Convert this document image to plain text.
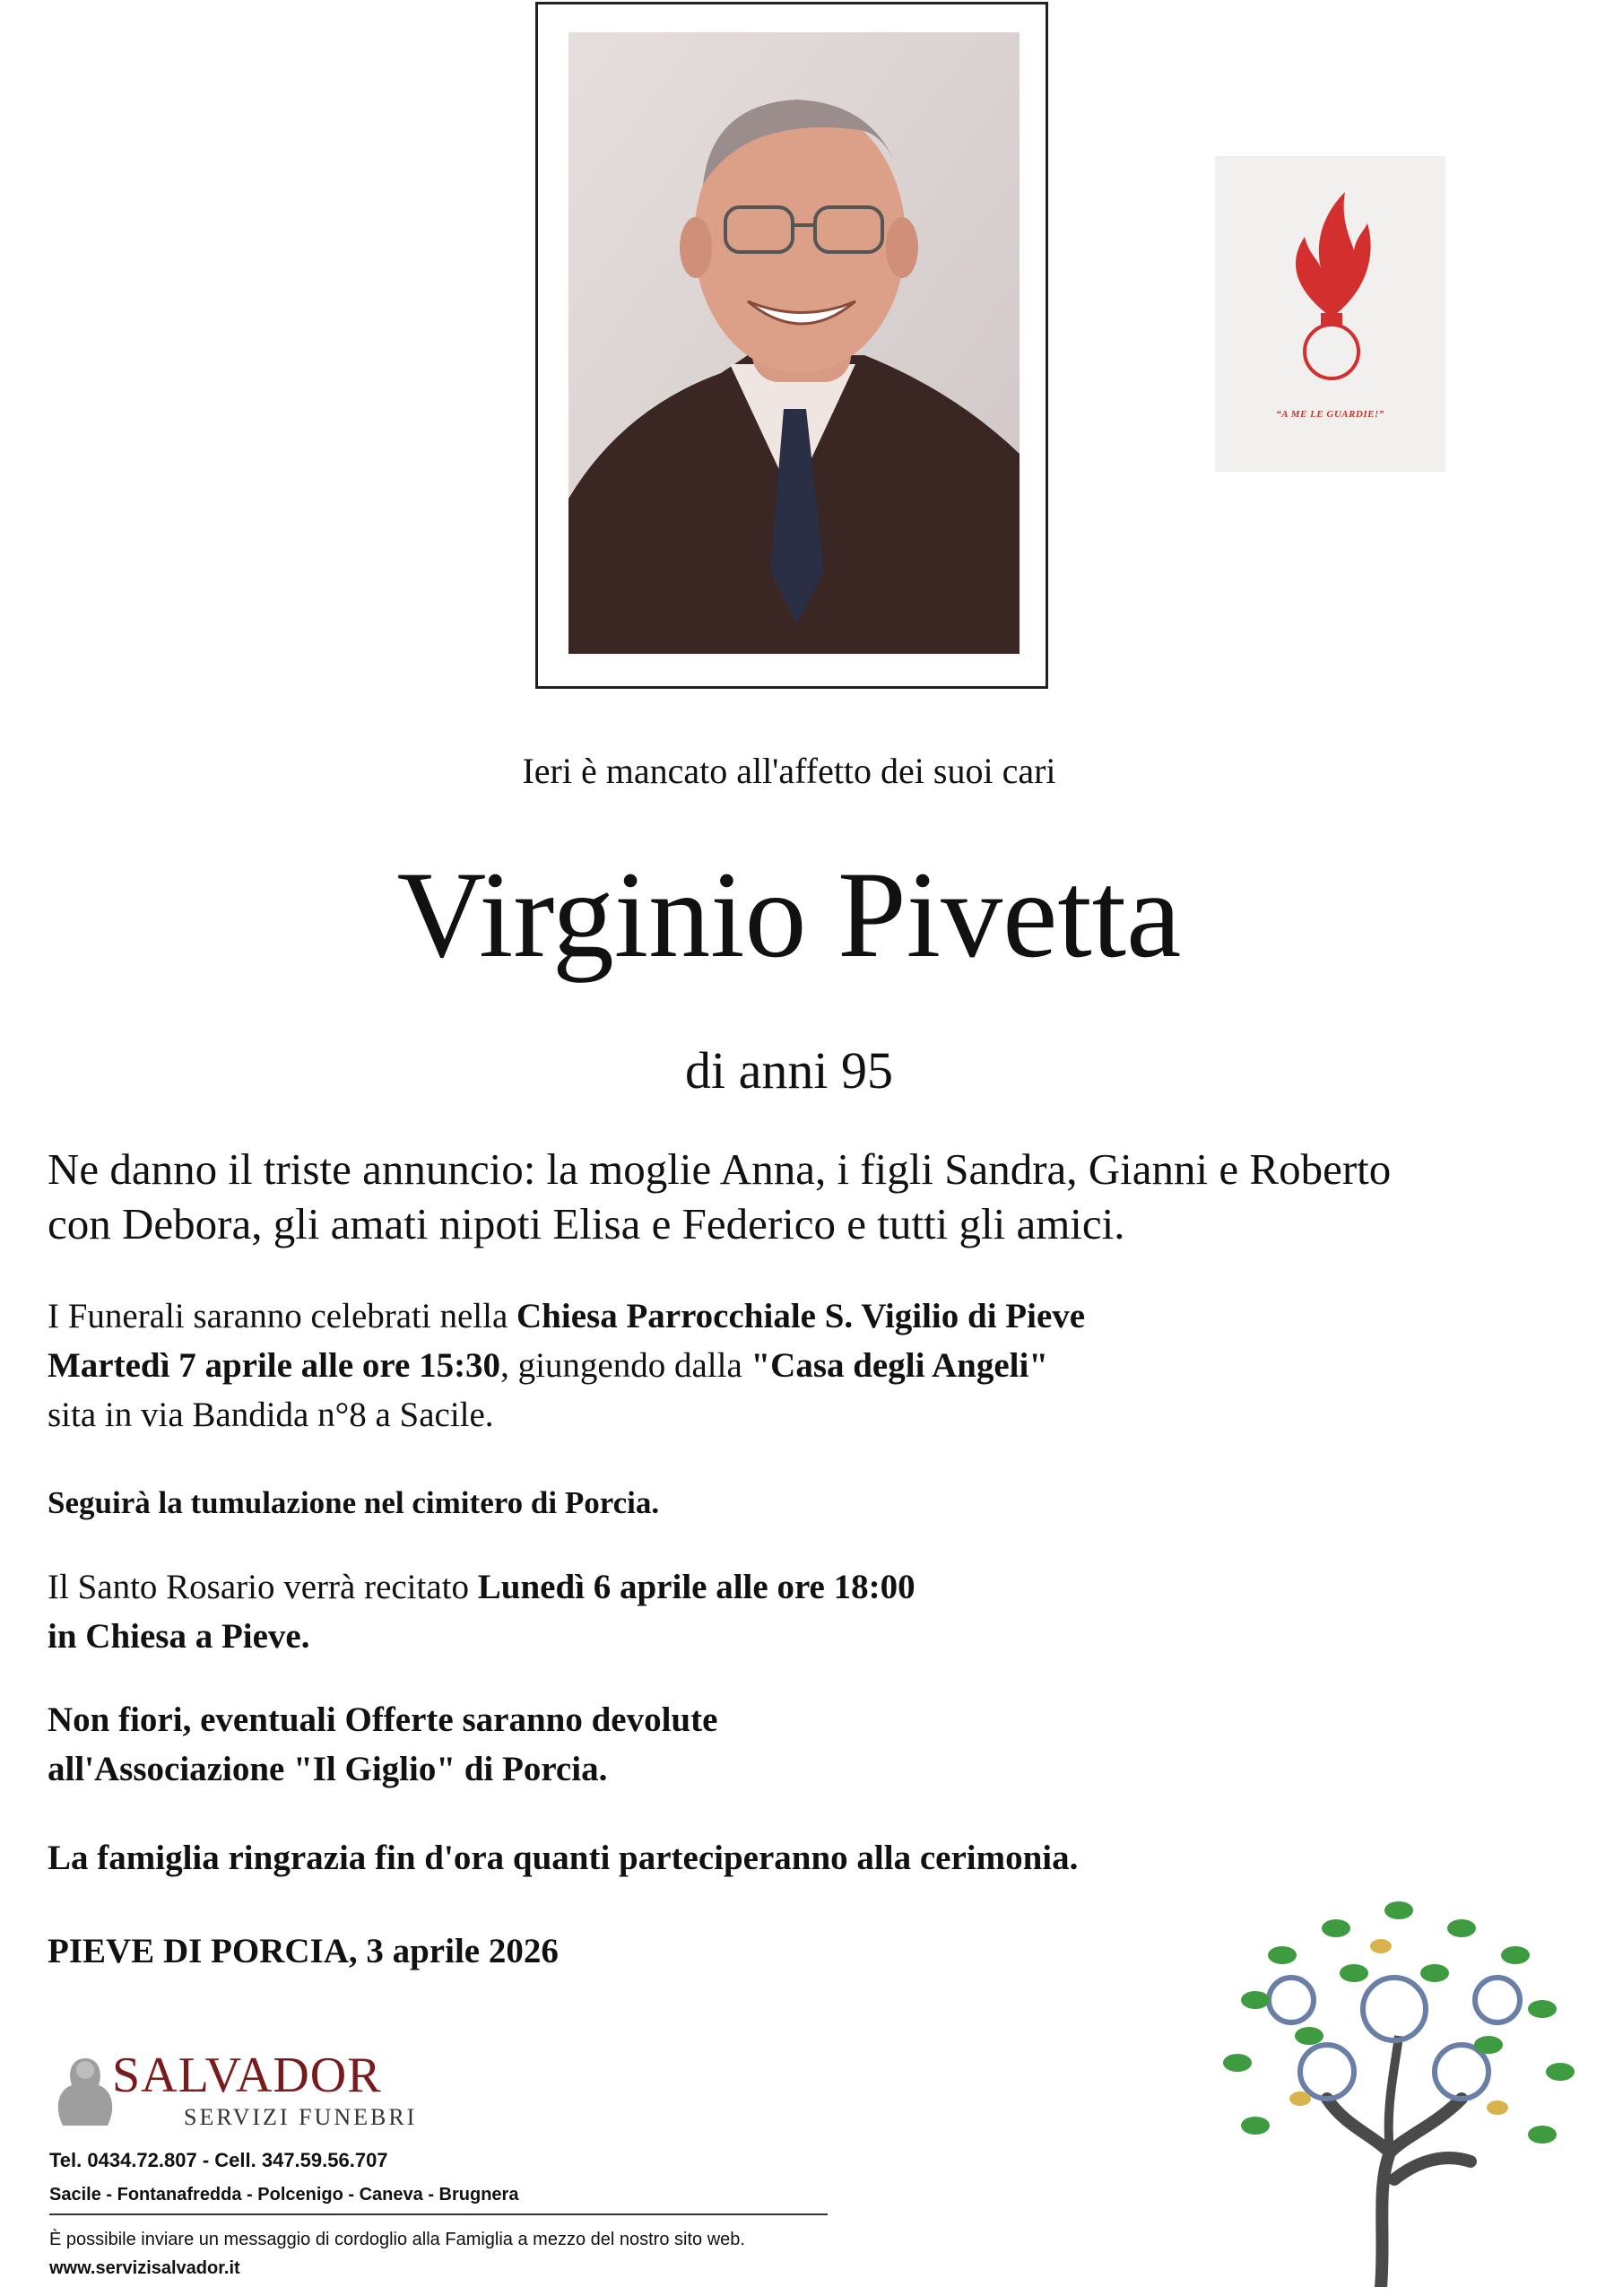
“A ME LE GUARDIE!”
Ieri è mancato all'affetto dei suoi cari
Virginio Pivetta
di anni 95
Ne danno il triste annuncio: la moglie Anna, i figli Sandra, Gianni e Roberto con Debora, gli amati nipoti Elisa e Federico e tutti gli amici.
I Funerali saranno celebrati nella Chiesa Parrocchiale S. Vigilio di Pieve
Martedì 7 aprile alle ore 15:30, giungendo dalla "Casa degli Angeli"
sita in via Bandida n°8 a Sacile.
Seguirà la tumulazione nel cimitero di Porcia.
Il Santo Rosario verrà recitato Lunedì 6 aprile alle ore 18:00
in Chiesa a Pieve.
Non fiori, eventuali Offerte saranno devolute
all'Associazione "Il Giglio" di Porcia.
La famiglia ringrazia fin d'ora quanti parteciperanno alla cerimonia.
PIEVE DI PORCIA, 3 aprile 2026
SALVADOR
SERVIZI FUNEBRI
Tel. 0434.72.807 - Cell. 347.59.56.707
Sacile - Fontanafredda - Polcenigo - Caneva - Brugnera
È possibile inviare un messaggio di cordoglio alla Famiglia a mezzo del nostro sito web.
www.servizisalvador.it
